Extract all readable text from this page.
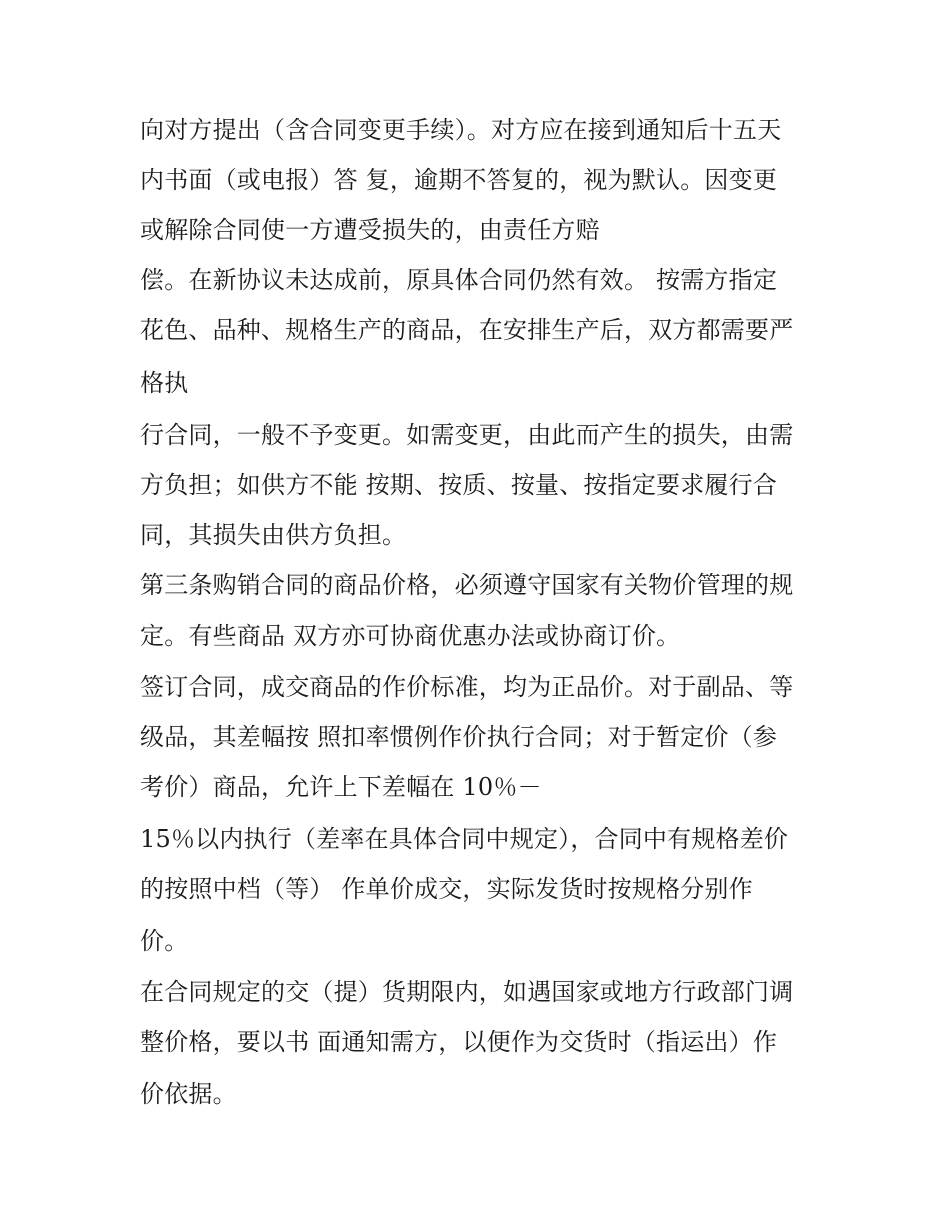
向对方提出（含合同变更手续）。对方应在接到通知后十五天
内书面（或电报）答 复，逾期不答复的，视为默认。因变更
或解除合同使一方遭受损失的，由责任方赔
偿。在新协议未达成前，原具体合同仍然有效。 按需方指定
花色、品种、规格生产的商品，在安排生产后，双方都需要严
格执
行合同，一般不予变更。如需变更，由此而产生的损失，由需
方负担；如供方不能 按期、按质、按量、按指定要求履行合
同，其损失由供方负担。
第三条购销合同的商品价格，必须遵守国家有关物价管理的规
定。有些商品 双方亦可协商优惠办法或协商订价。
签订合同，成交商品的作价标准，均为正品价。对于副品、等
级品，其差幅按 照扣率惯例作价执行合同；对于暂定价（参
考价）商品，允许上下差幅在 10％－
15％以内执行（差率在具体合同中规定），合同中有规格差价
的按照中档（等） 作单价成交，实际发货时按规格分别作
价。
在合同规定的交（提）货期限内，如遇国家或地方行政部门调
整价格，要以书 面通知需方，以便作为交货时（指运出）作
价依据。
